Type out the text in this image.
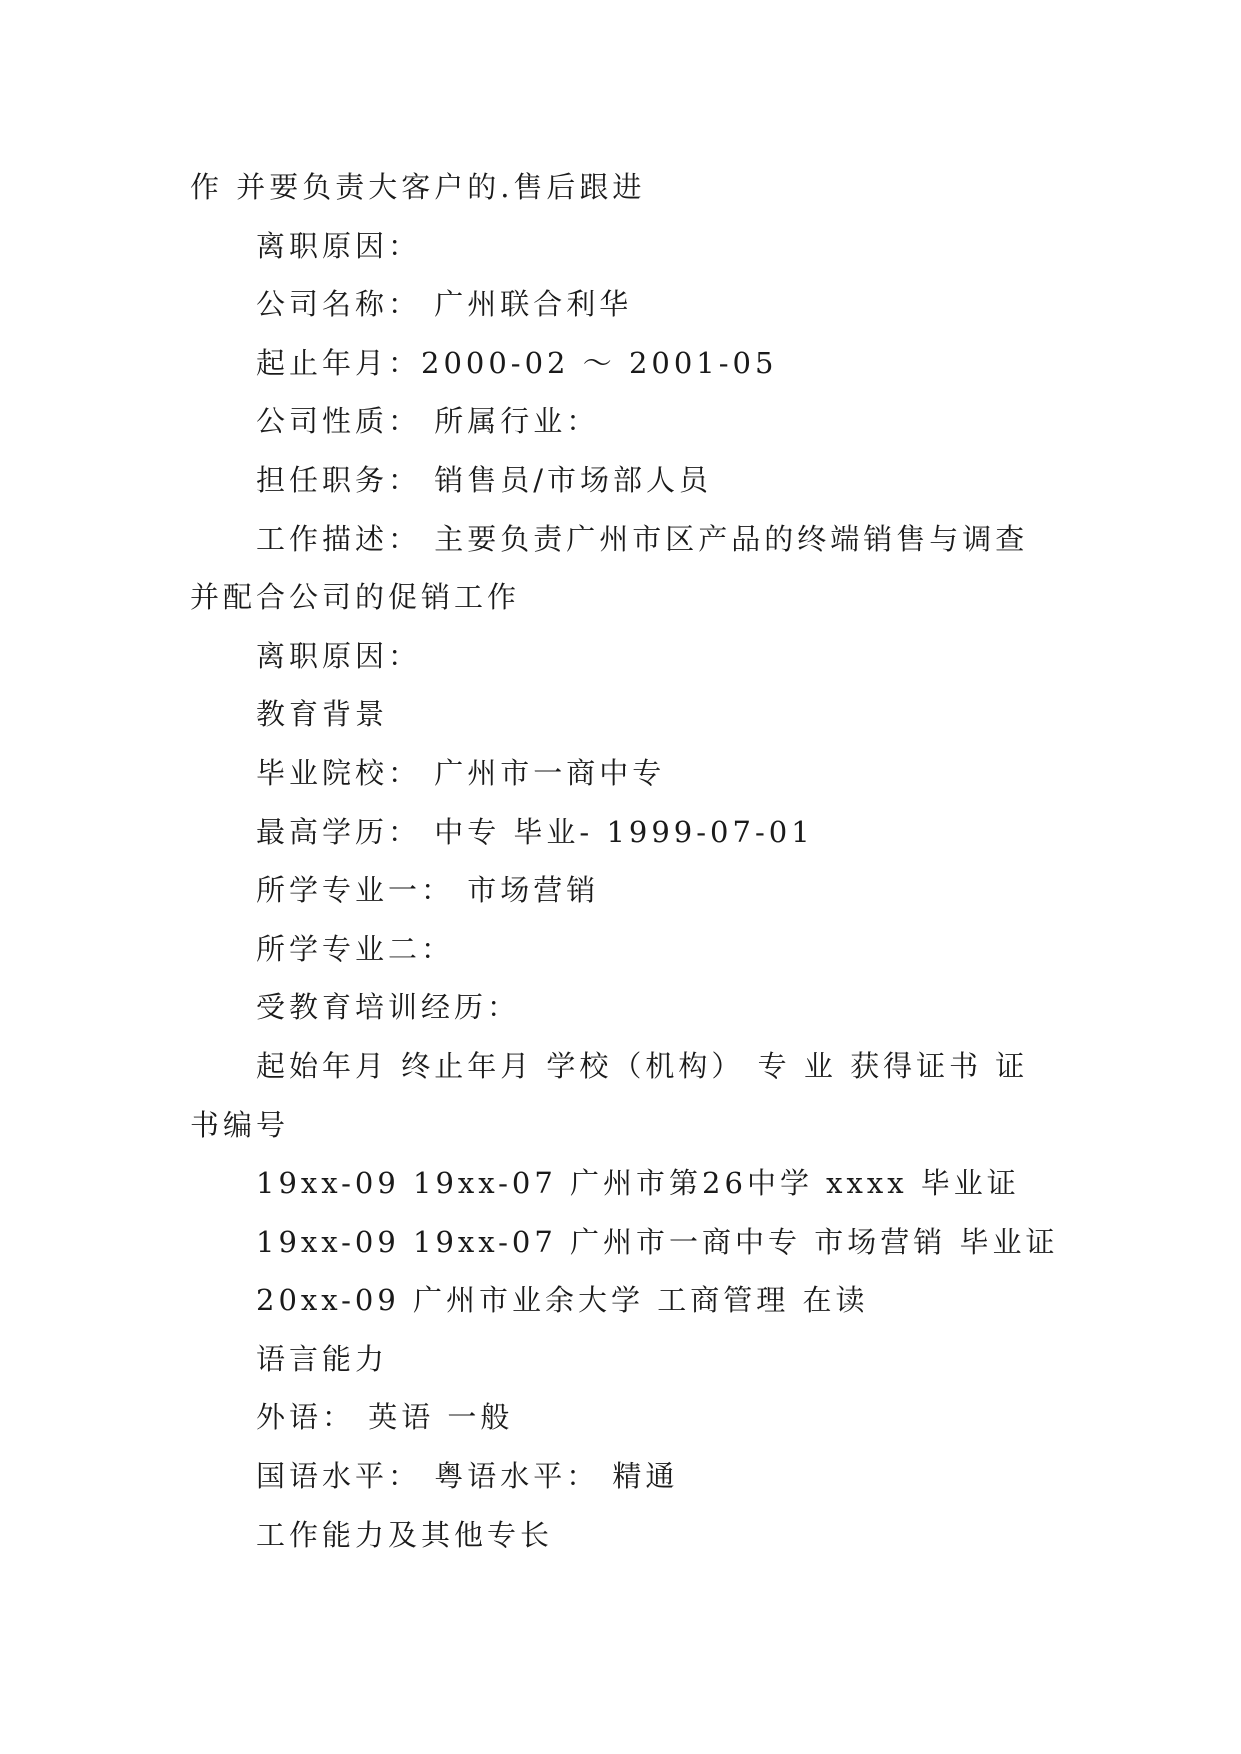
作 并要负责大客户的.售后跟进
离职原因：
公司名称： 广州联合利华
起止年月：2000-02 ～ 2001-05
公司性质： 所属行业：
担任职务： 销售员/市场部人员
工作描述： 主要负责广州市区产品的终端销售与调查
并配合公司的促销工作
离职原因：
教育背景
毕业院校： 广州市一商中专
最高学历： 中专 毕业- 1999-07-01
所学专业一： 市场营销
所学专业二：
受教育培训经历：
起始年月 终止年月 学校（机构） 专 业 获得证书 证
书编号
19xx-09 19xx-07 广州市第26中学 xxxx 毕业证
19xx-09 19xx-07 广州市一商中专 市场营销 毕业证
20xx-09 广州市业余大学 工商管理 在读
语言能力
外语： 英语 一般
国语水平： 粤语水平： 精通
工作能力及其他专长
